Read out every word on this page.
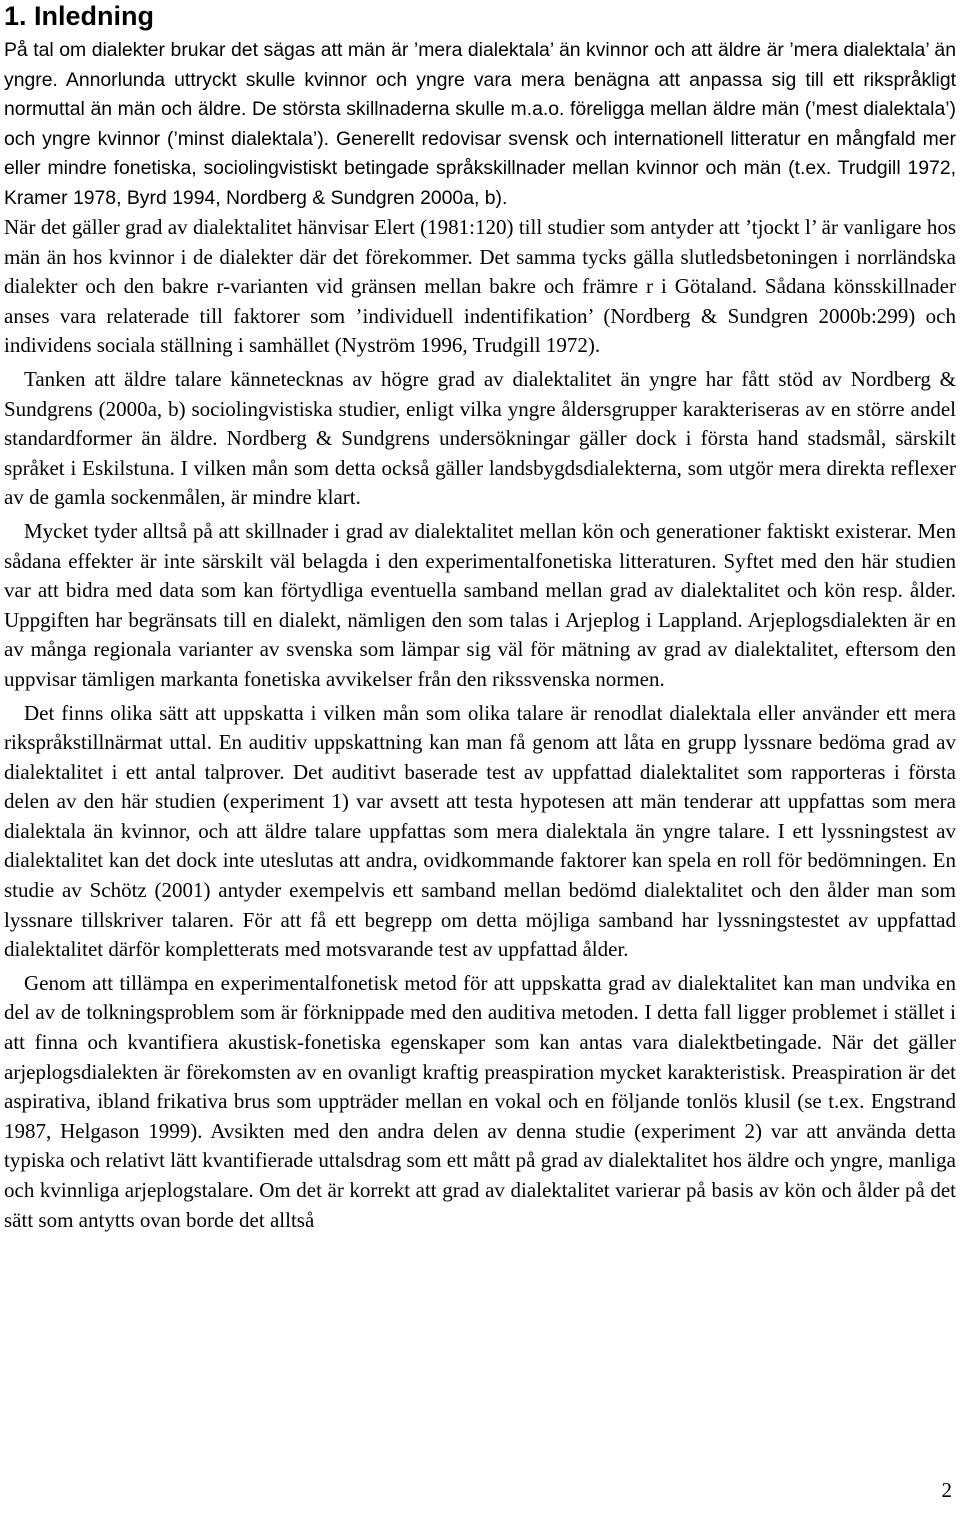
1. Inledning

På tal om dialekter brukar det sägas att män är ’mera dialektala’ än kvinnor och att äldre är ’mera dialektala’ än yngre. Annorlunda uttryckt skulle kvinnor och yngre vara mera benägna att anpassa sig till ett rikspråkligt normuttal än män och äldre. De största skillnaderna skulle m.a.o. föreligga mellan äldre män (’mest dialektala’) och yngre kvinnor (’minst dialektala’). Generellt redovisar svensk och internationell litteratur en mångfald mer eller mindre fonetiska, sociolingvistiskt betingade språkskillnader mellan kvinnor och män (t.ex. Trudgill 1972, Kramer 1978, Byrd 1994, Nordberg & Sundgren 2000a, b).

När det gäller grad av dialektalitet hänvisar Elert (1981:120) till studier som antyder att ’tjockt l’ är vanligare hos män än hos kvinnor i de dialekter där det förekommer. Det samma tycks gälla slutledsbetoningen i norrländska dialekter och den bakre r-varianten vid gränsen mellan bakre och främre r i Götaland. Sådana könsskillnader anses vara relaterade till faktorer som ’individuell indentifikation’ (Nordberg & Sundgren 2000b:299) och individens sociala ställning i samhället (Nyström 1996, Trudgill 1972).

Tanken att äldre talare kännetecknas av högre grad av dialektalitet än yngre har fått stöd av Nordberg & Sundgrens (2000a, b) sociolingvistiska studier, enligt vilka yngre åldersgrupper karakteriseras av en större andel standardformer än äldre. Nordberg & Sundgrens undersökningar gäller dock i första hand stadsmål, särskilt språket i Eskilstuna. I vilken mån som detta också gäller landsbygdsdialekterna, som utgör mera direkta reflexer av de gamla sockenmålen, är mindre klart.

Mycket tyder alltså på att skillnader i grad av dialektalitet mellan kön och generationer faktiskt existerar. Men sådana effekter är inte särskilt väl belagda i den experimentalfonetiska litteraturen. Syftet med den här studien var att bidra med data som kan förtydliga eventuella samband mellan grad av dialektalitet och kön resp. ålder. Uppgiften har begränsats till en dialekt, nämligen den som talas i Arjeplog i Lappland. Arjeplogsdialekten är en av många regionala varianter av svenska som lämpar sig väl för mätning av grad av dialektalitet, eftersom den uppvisar tämligen markanta fonetiska avvikelser från den rikssvenska normen.

Det finns olika sätt att uppskatta i vilken mån som olika talare är renodlat dialektala eller använder ett mera rikspråkstillnärmat uttal. En auditiv uppskattning kan man få genom att låta en grupp lyssnare bedöma grad av dialektalitet i ett antal talprover. Det auditivt baserade test av uppfattad dialektalitet som rapporteras i första delen av den här studien (experiment 1) var avsett att testa hypotesen att män tenderar att uppfattas som mera dialektala än kvinnor, och att äldre talare uppfattas som mera dialektala än yngre talare. I ett lyssningstest av dialektalitet kan det dock inte uteslutas att andra, ovidkommande faktorer kan spela en roll för bedömningen. En studie av Schötz (2001) antyder exempelvis ett samband mellan bedömd dialektalitet och den ålder man som lyssnare tillskriver talaren. För att få ett begrepp om detta möjliga samband har lyssningstestet av uppfattad dialektalitet därför kompletterats med motsvarande test av uppfattad ålder.

Genom att tillämpa en experimentalfonetisk metod för att uppskatta grad av dialektalitet kan man undvika en del av de tolkningsproblem som är förknippade med den auditiva metoden. I detta fall ligger problemet i stället i att finna och kvantifiera akustisk-fonetiska egenskaper som kan antas vara dialektbetingade. När det gäller arjeplogsdialekten är förekomsten av en ovanligt kraftig preaspiration mycket karakteristisk. Preaspiration är det aspirativa, ibland frikativa brus som uppträder mellan en vokal och en följande tonlös klusil (se t.ex. Engstrand 1987, Helgason 1999). Avsikten med den andra delen av denna studie (experiment 2) var att använda detta typiska och relativt lätt kvantifierade uttalsdrag som ett mått på grad av dialektalitet hos äldre och yngre, manliga och kvinnliga arjeplogstalare. Om det är korrekt att grad av dialektalitet varierar på basis av kön och ålder på det sätt som antytts ovan borde det alltså

2
